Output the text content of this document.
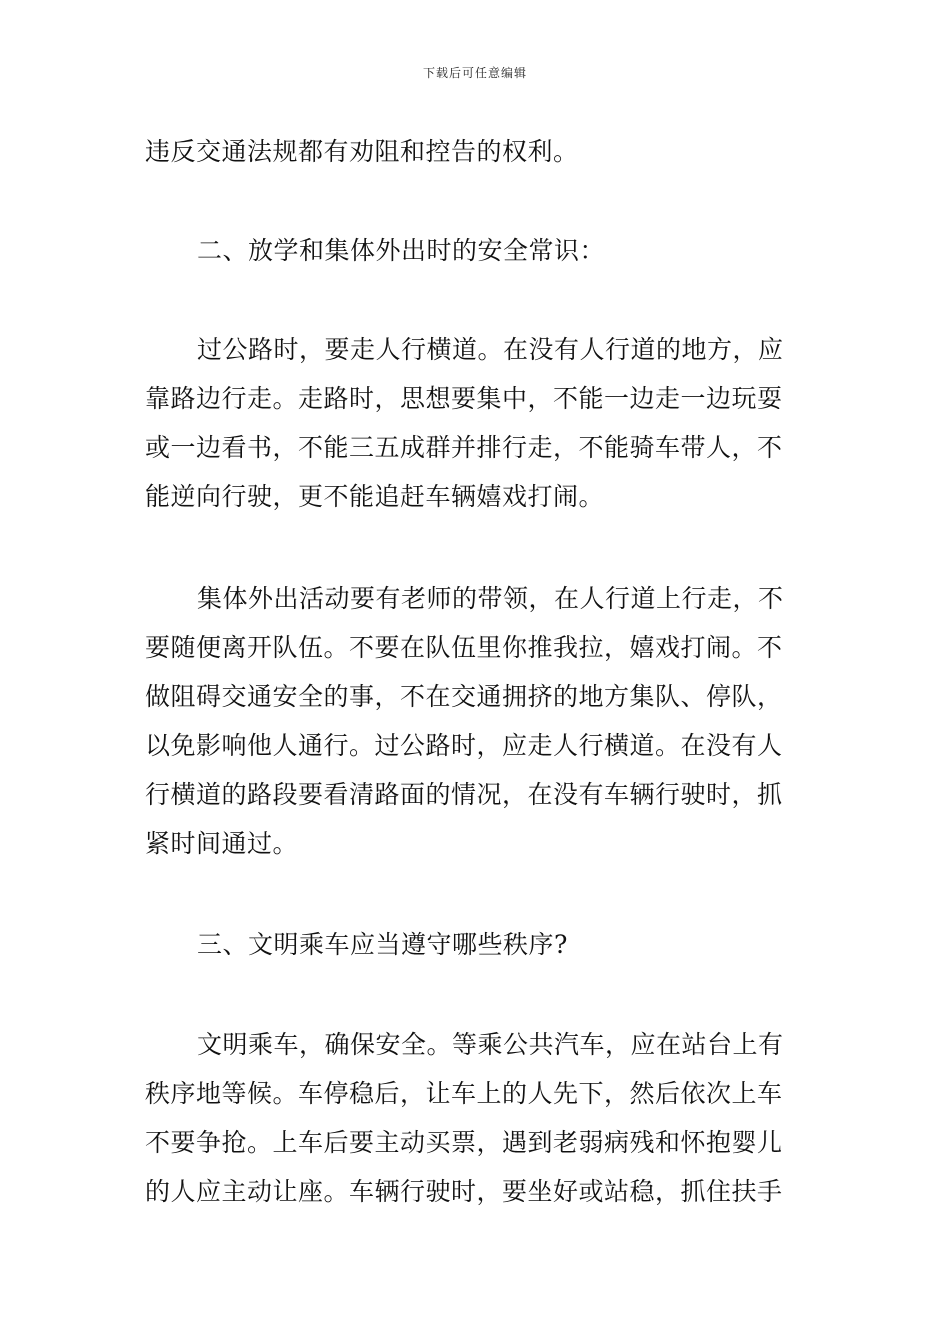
下载后可任意编辑

违反交通法规都有劝阻和控告的权利。

二、放学和集体外出时的安全常识：

过公路时，要走人行横道。在没有人行道的地方，应

靠路边行走。走路时，思想要集中，不能一边走一边玩耍

或一边看书，不能三五成群并排行走，不能骑车带人，不

能逆向行驶，更不能追赶车辆嬉戏打闹。

集体外出活动要有老师的带领，在人行道上行走，不

要随便离开队伍。不要在队伍里你推我拉，嬉戏打闹。不

做阻碍交通安全的事，不在交通拥挤的地方集队、停队，

以免影响他人通行。过公路时，应走人行横道。在没有人

行横道的路段要看清路面的情况，在没有车辆行驶时，抓

紧时间通过。

三、文明乘车应当遵守哪些秩序?

文明乘车，确保安全。等乘公共汽车，应在站台上有

秩序地等候。车停稳后，让车上的人先下，然后依次上车

不要争抢。上车后要主动买票，遇到老弱病残和怀抱婴儿

的人应主动让座。车辆行驶时，要坐好或站稳，抓住扶手
